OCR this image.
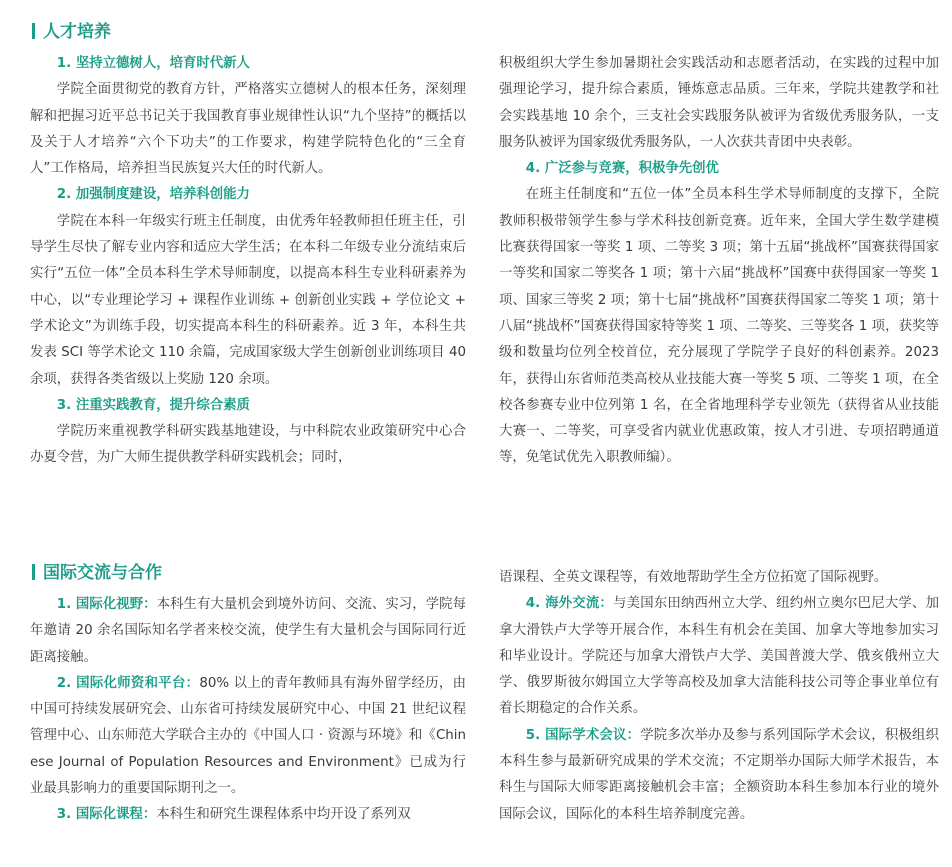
人才培养

1. 坚持立德树人，培育时代新人

学院全面贯彻党的教育方针，严格落实立德树人的根本任务，深刻理解和把握习近平总书记关于我国教育事业规律性认识“九个坚持”的概括以及关于人才培养“六个下功夫”的工作要求，构建学院特色化的“三全育人”工作格局，培养担当民族复兴大任的时代新人。

2. 加强制度建设，培养科创能力

学院在本科一年级实行班主任制度，由优秀年轻教师担任班主任，引导学生尽快了解专业内容和适应大学生活；在本科二年级专业分流结束后实行“五位一体”全员本科生学术导师制度，以提高本科生专业科研素养为中心，以“专业理论学习 + 课程作业训练 + 创新创业实践 + 学位论文 + 学术论文”为训练手段，切实提高本科生的科研素养。近 3 年，本科生共发表 SCI 等学术论文 110 余篇，完成国家级大学生创新创业训练项目 40 余项，获得各类省级以上奖励 120 余项。

3. 注重实践教育，提升综合素质

学院历来重视教学科研实践基地建设，与中科院农业政策研究中心合办夏令营，为广大师生提供教学科研实践机会；同时，

积极组织大学生参加暑期社会实践活动和志愿者活动，在实践的过程中加强理论学习，提升综合素质，锤炼意志品质。三年来，学院共建教学和社会实践基地 10 余个，三支社会实践服务队被评为省级优秀服务队，一支服务队被评为国家级优秀服务队，一人次获共青团中央表彰。

4. 广泛参与竞赛，积极争先创优

在班主任制度和“五位一体”全员本科生学术导师制度的支撑下，全院教师积极带领学生参与学术科技创新竞赛。近年来，全国大学生数学建模比赛获得国家一等奖 1 项、二等奖 3 项；第十五届“挑战杯”国赛获得国家一等奖和国家二等奖各 1 项；第十六届“挑战杯”国赛中获得国家一等奖 1 项、国家三等奖 2 项；第十七届“挑战杯”国赛获得国家二等奖 1 项；第十八届“挑战杯”国赛获得国家特等奖 1 项、二等奖、三等奖各 1 项，获奖等级和数量均位列全校首位，充分展现了学院学子良好的科创素养。2023 年，获得山东省师范类高校从业技能大赛一等奖 5 项、二等奖 1 项，在全校各参赛专业中位列第 1 名，在全省地理科学专业领先（获得省从业技能大赛一、二等奖，可享受省内就业优惠政策，按人才引进、专项招聘通道等，免笔试优先入职教师编）。

国际交流与合作

1. 国际化视野：本科生有大量机会到境外访问、交流、实习，学院每年邀请 20 余名国际知名学者来校交流，使学生有大量机会与国际同行近距离接触。

2. 国际化师资和平台：80% 以上的青年教师具有海外留学经历，由中国可持续发展研究会、山东省可持续发展研究中心、中国 21 世纪议程管理中心、山东师范大学联合主办的《中国人口 · 资源与环境》和《Chinese Journal of Population Resources and Environment》已成为行业最具影响力的重要国际期刊之一。

3. 国际化课程：本科生和研究生课程体系中均开设了系列双

语课程、全英文课程等，有效地帮助学生全方位拓宽了国际视野。

4. 海外交流：与美国东田纳西州立大学、纽约州立奥尔巴尼大学、加拿大滑铁卢大学等开展合作，本科生有机会在美国、加拿大等地参加实习和毕业设计。学院还与加拿大滑铁卢大学、美国普渡大学、俄亥俄州立大学、俄罗斯彼尔姆国立大学等高校及加拿大洁能科技公司等企事业单位有着长期稳定的合作关系。

5. 国际学术会议：学院多次举办及参与系列国际学术会议，积极组织本科生参与最新研究成果的学术交流；不定期举办国际大师学术报告，本科生与国际大师零距离接触机会丰富；全额资助本科生参加本行业的境外国际会议，国际化的本科生培养制度完善。
